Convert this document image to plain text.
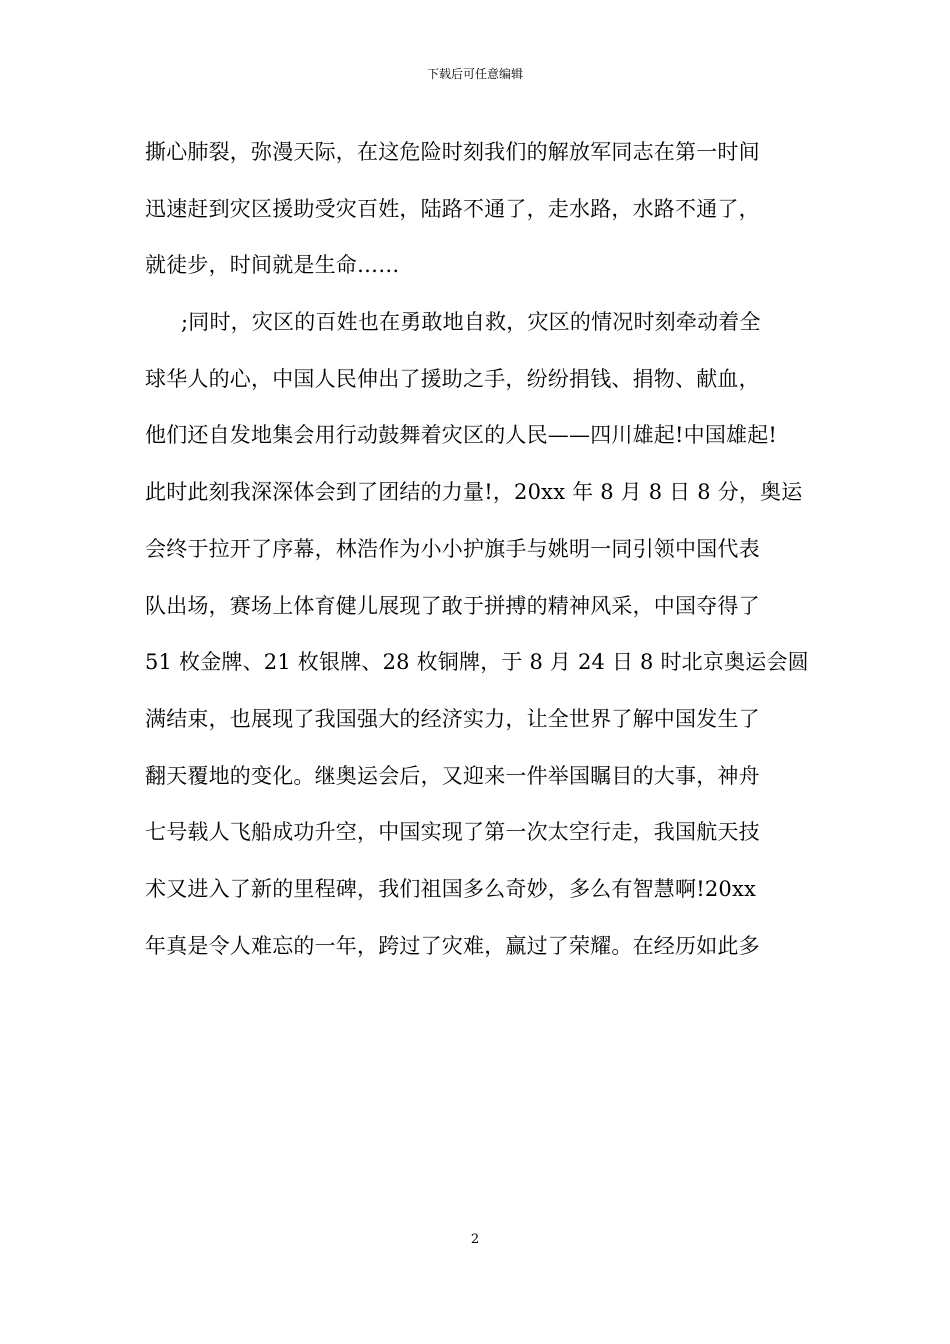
下载后可任意编辑
撕心肺裂，弥漫天际，在这危险时刻我们的解放军同志在第一时间
迅速赶到灾区援助受灾百姓，陆路不通了，走水路，水路不通了，
就徒步，时间就是生命……
;同时，灾区的百姓也在勇敢地自救，灾区的情况时刻牵动着全
球华人的心，中国人民伸出了援助之手，纷纷捐钱、捐物、献血，
他们还自发地集会用行动鼓舞着灾区的人民——四川雄起!中国雄起!
此时此刻我深深体会到了团结的力量!，20xx 年 8 月 8 日 8 分，奥运
会终于拉开了序幕，林浩作为小小护旗手与姚明一同引领中国代表
队出场，赛场上体育健儿展现了敢于拼搏的精神风采，中国夺得了
51 枚金牌、21 枚银牌、28 枚铜牌，于 8 月 24 日 8 时北京奥运会圆
满结束，也展现了我国强大的经济实力，让全世界了解中国发生了
翻天覆地的变化。继奥运会后，又迎来一件举国瞩目的大事，神舟
七号载人飞船成功升空，中国实现了第一次太空行走，我国航天技
术又进入了新的里程碑，我们祖国多么奇妙，多么有智慧啊!20xx
年真是令人难忘的一年，跨过了灾难，赢过了荣耀。在经历如此多
2
